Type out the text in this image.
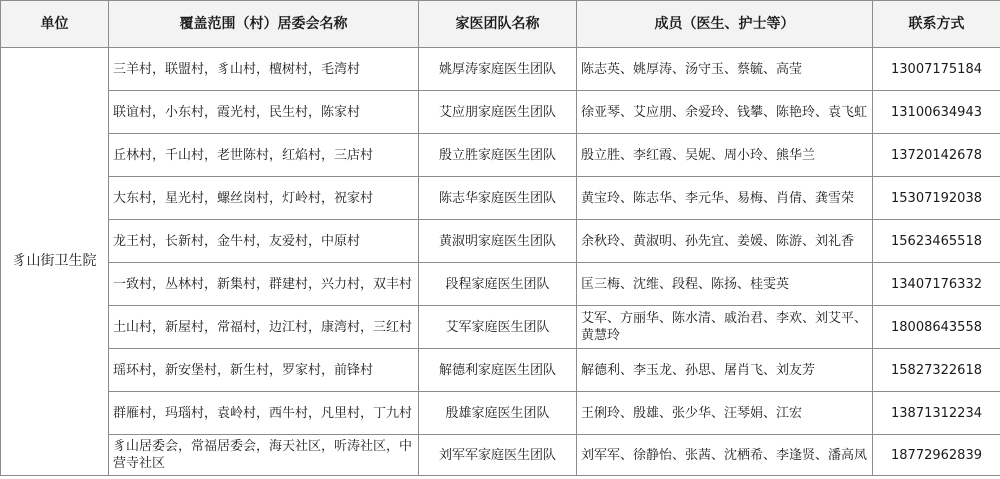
单位	覆盖范围（村）居委会名称	家医团队名称	成员（医生、护士等）	联系方式
豸山街卫生院	三羊村，联盟村，豸山村，檀树村，毛湾村	姚厚涛家庭医生团队	陈志英、姚厚涛、汤守玉、蔡毓、高莹	13007175184
	联谊村，小东村，霞光村，民生村，陈家村	艾应朋家庭医生团队	徐亚琴、艾应朋、余爱玲、钱攀、陈艳玲、袁飞虹	13100634943
	丘林村，千山村，老世陈村，红焰村，三店村	殷立胜家庭医生团队	殷立胜、李红霞、吴妮、周小玲、熊华兰	13720142678
	大东村，星光村，螺丝岗村，灯岭村，祝家村	陈志华家庭医生团队	黄宝玲、陈志华、李元华、易梅、肖倩、龚雪荣	15307192038
	龙王村，长新村，金牛村，友爱村，中原村	黄淑明家庭医生团队	余秋玲、黄淑明、孙先宜、姜媛、陈游、刘礼香	15623465518
	一致村，丛林村，新集村，群建村，兴力村，双丰村	段程家庭医生团队	匡三梅、沈维、段程、陈扬、桂雯英	13407176332
	土山村，新屋村，常福村，边江村，康湾村，三红村	艾军家庭医生团队	艾军、方丽华、陈水清、戚治君、李欢、刘艾平、黄慧玲	18008643558
	瑶环村，新安堡村，新生村，罗家村，前锋村	解德利家庭医生团队	解德利、李玉龙、孙思、屠肖飞、刘友芳	15827322618
	群雁村，玛瑙村，袁岭村，西牛村，凡里村，丁九村	殷雄家庭医生团队	王俐玲、殷雄、张少华、汪琴娟、江宏	13871312234
	豸山居委会，常福居委会，海天社区，听涛社区，中营寺社区	刘军军家庭医生团队	刘军军、徐静怡、张茜、沈栖希、李逢贤、潘高凤	18772962839
